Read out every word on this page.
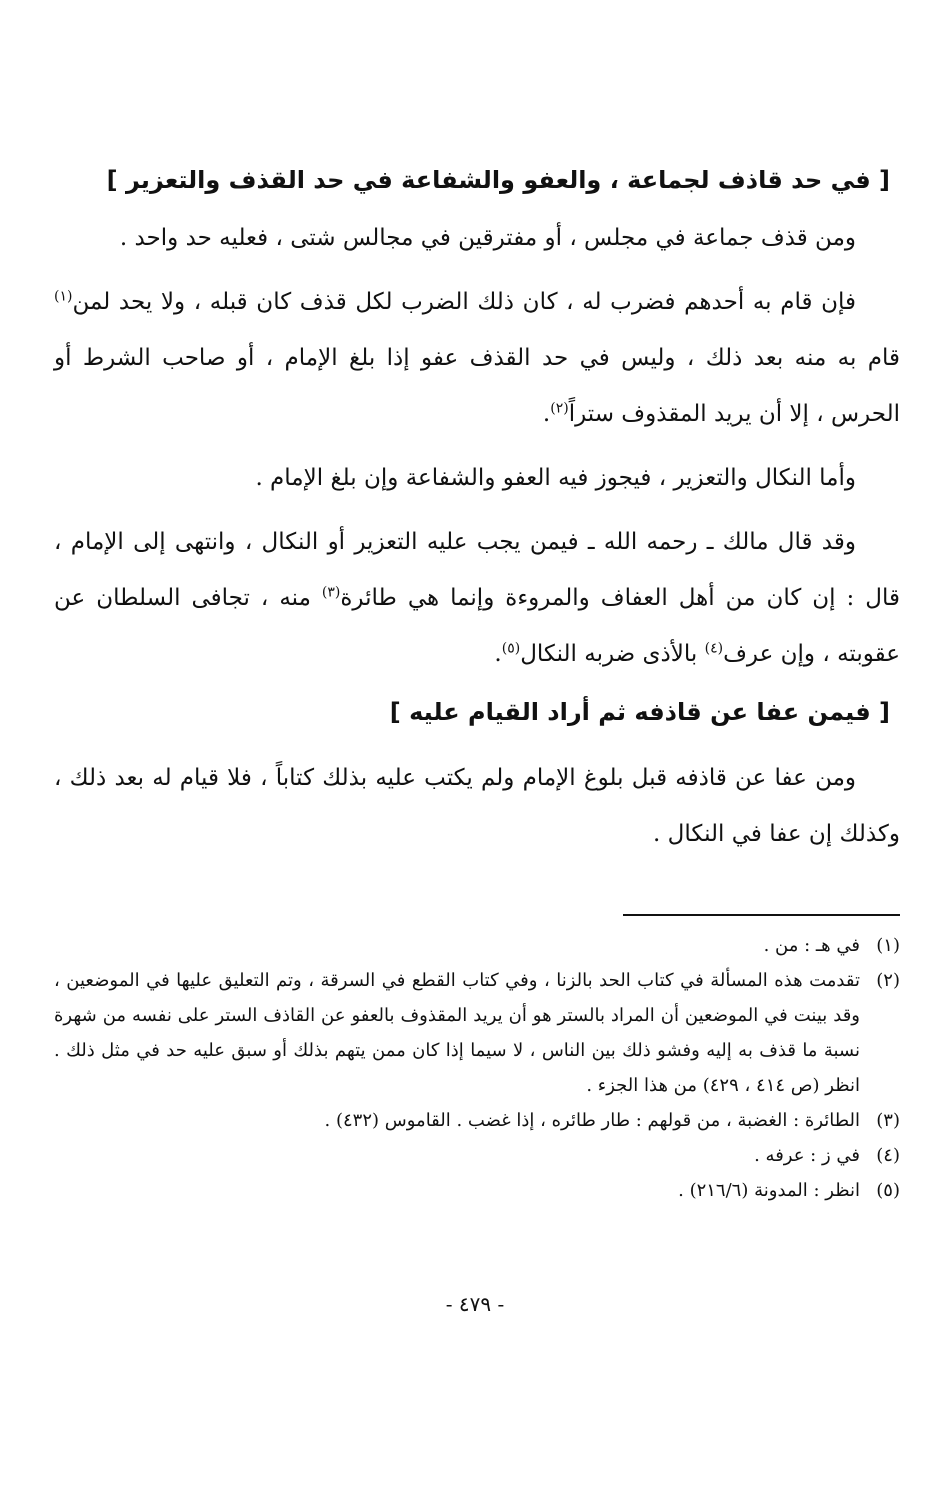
[ في حد قاذف لجماعة ، والعفو والشفاعة في حد القذف والتعزير ]

ومن قذف جماعة في مجلس ، أو مفترقين في مجالس شتى ، فعليه حد واحد .

فإن قام به أحدهم فضرب له ، كان ذلك الضرب لكل قذف كان قبله ، ولا يحد لمن$^{(١)}$ قام به منه بعد ذلك ، وليس في حد القذف عفو إذا بلغ الإمام ، أو صاحب الشرط أو الحرس ، إلا أن يريد المقذوف ستراً$^{(٢)}$.

وأما النكال والتعزير ، فيجوز فيه العفو والشفاعة وإن بلغ الإمام .

وقد قال مالك ـ رحمه الله ـ فيمن يجب عليه التعزير أو النكال ، وانتهى إلى الإمام ، قال : إن كان من أهل العفاف والمروءة وإنما هي طائرة$^{(٣)}$ منه ، تجافى السلطان عن عقوبته ، وإن عرف$^{(٤)}$ بالأذى ضربه النكال$^{(٥)}$.

[ فيمن عفا عن قاذفه ثم أراد القيام عليه ]

ومن عفا عن قاذفه قبل بلوغ الإمام ولم يكتب عليه بذلك كتاباً ، فلا قيام له بعد ذلك ، وكذلك إن عفا في النكال .

(١)
في هـ : من .
(٢)
تقدمت هذه المسألة في كتاب الحد بالزنا ، وفي كتاب القطع في السرقة ، وتم التعليق عليها في الموضعين ، وقد بينت في الموضعين أن المراد بالستر هو أن يريد المقذوف بالعفو عن القاذف الستر على نفسه من شهرة نسبة ما قذف به إليه وفشو ذلك بين الناس ، لا سيما إذا كان ممن يتهم بذلك أو سبق عليه حد في مثل ذلك . انظر (ص ٤١٤ ، ٤٢٩) من هذا الجزء .
(٣)
الطائرة : الغضبة ، من قولهم : طار طائره ، إذا غضب . القاموس (٤٣٢) .
(٤)
في ز : عرفه .
(٥)
انظر : المدونة (٢١٦/٦) .
- ٤٧٩ -
